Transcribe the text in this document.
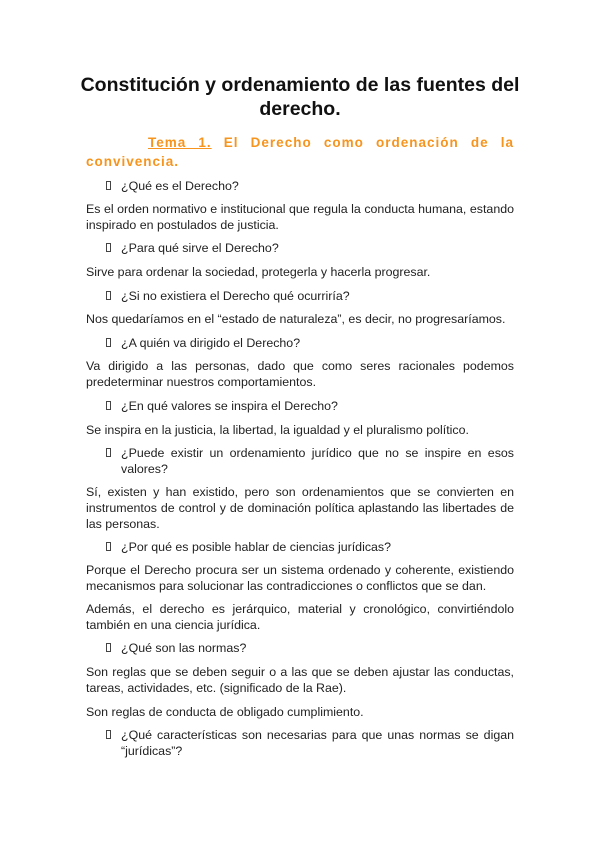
Constitución y ordenamiento de las fuentes del derecho.
Tema 1. El Derecho como ordenación de la convivencia.
¿Qué es el Derecho?
Es el orden normativo e institucional que regula la conducta humana, estando inspirado en postulados de justicia.
¿Para qué sirve el Derecho?
Sirve para ordenar la sociedad, protegerla y hacerla progresar.
¿Si no existiera el Derecho qué ocurriría?
Nos quedaríamos en el “estado de naturaleza”, es decir, no progresaríamos.
¿A quién va dirigido el Derecho?
Va dirigido a las personas, dado que como seres racionales podemos predeterminar nuestros comportamientos.
¿En qué valores se inspira el Derecho?
Se inspira en la justicia, la libertad, la igualdad y el pluralismo político.
¿Puede existir un ordenamiento jurídico que no se inspire en esos valores?
Sí, existen y han existido, pero son ordenamientos que se convierten en instrumentos de control y de dominación política aplastando las libertades de las personas.
¿Por qué es posible hablar de ciencias jurídicas?
Porque el Derecho procura ser un sistema ordenado y coherente, existiendo mecanismos para solucionar las contradicciones o conflictos que se dan.
Además, el derecho es jerárquico, material y cronológico, convirtiéndolo también en una ciencia jurídica.
¿Qué son las normas?
Son reglas que se deben seguir o a las que se deben ajustar las conductas, tareas, actividades, etc. (significado de la Rae).
Son reglas de conducta de obligado cumplimiento.
¿Qué características son necesarias para que unas normas se digan “jurídicas”?
